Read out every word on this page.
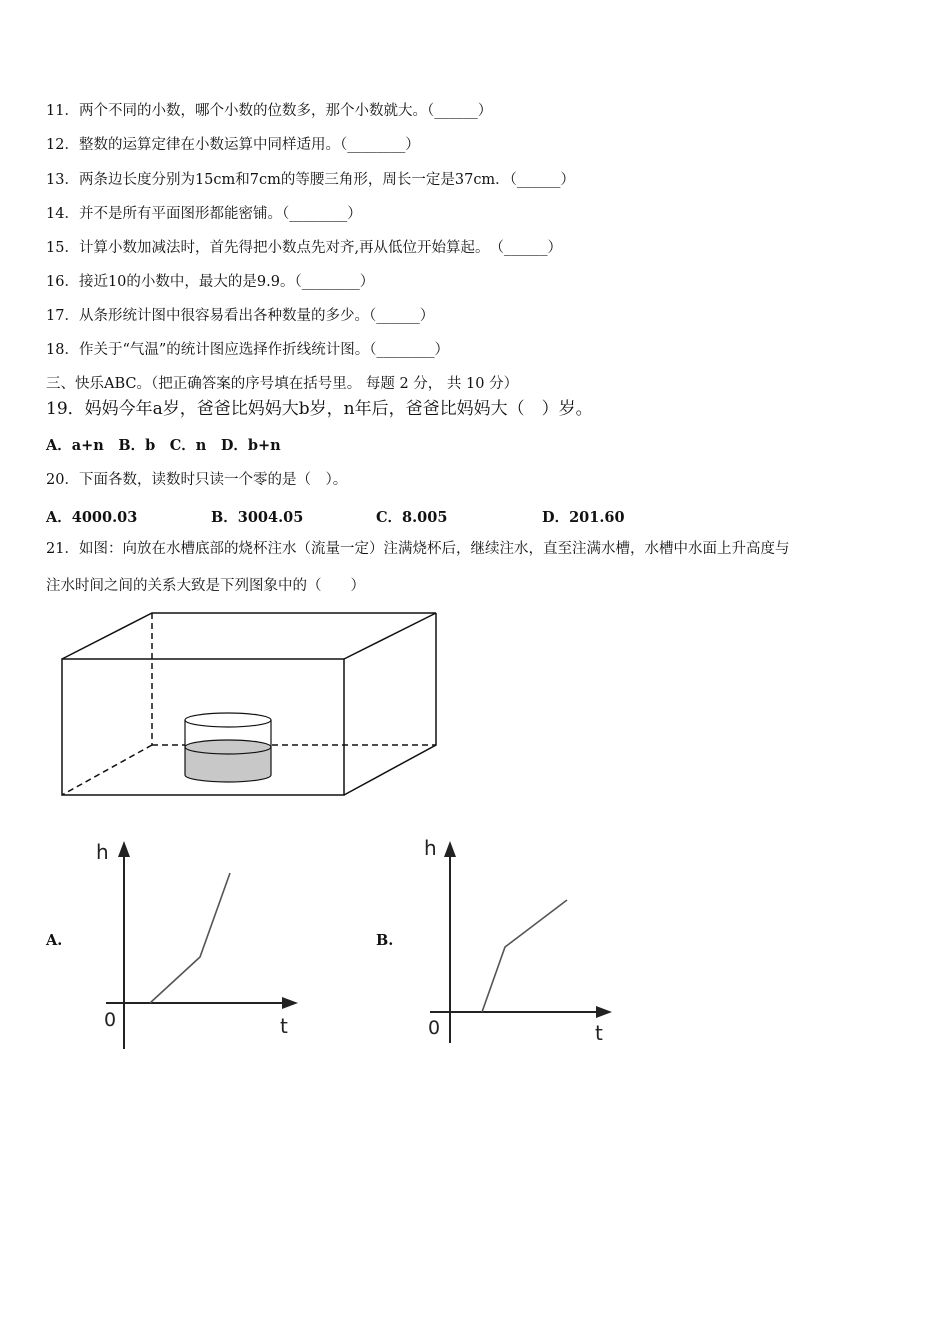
11．两个不同的小数，哪个小数的位数多，那个小数就大。（______）
12．整数的运算定律在小数运算中同样适用。（________）
13．两条边长度分别为15cm和7cm的等腰三角形，周长一定是37cm．（______）
14．并不是所有平面图形都能密铺。（________）
15．计算小数加减法时，首先得把小数点先对齐,再从低位开始算起。　（______）
16．接近10的小数中，最大的是9.9。（________）
17．从条形统计图中很容易看出各种数量的多少。（______）
18．作关于“气温”的统计图应选择作折线统计图。（________）
三、快乐ABC。（把正确答案的序号填在括号里。 每题 2 分， 共 10 分）
19．妈妈今年a岁，爸爸比妈妈大b岁，n年后，爸爸比妈妈大（　）岁。
A．a+n　B．b　C．n　D．b+n
20．下面各数，读数时只读一个零的是（　）。
A．4000.03	B．3004.05	C．8.005	D．201.60
21．如图：向放在水槽底部的烧杯注水（流量一定）注满烧杯后，继续注水，直至注满水槽，水槽中水面上升高度与
注水时间之间的关系大致是下列图象中的（　　）
A.	B.
h
t
0
h
t
0
